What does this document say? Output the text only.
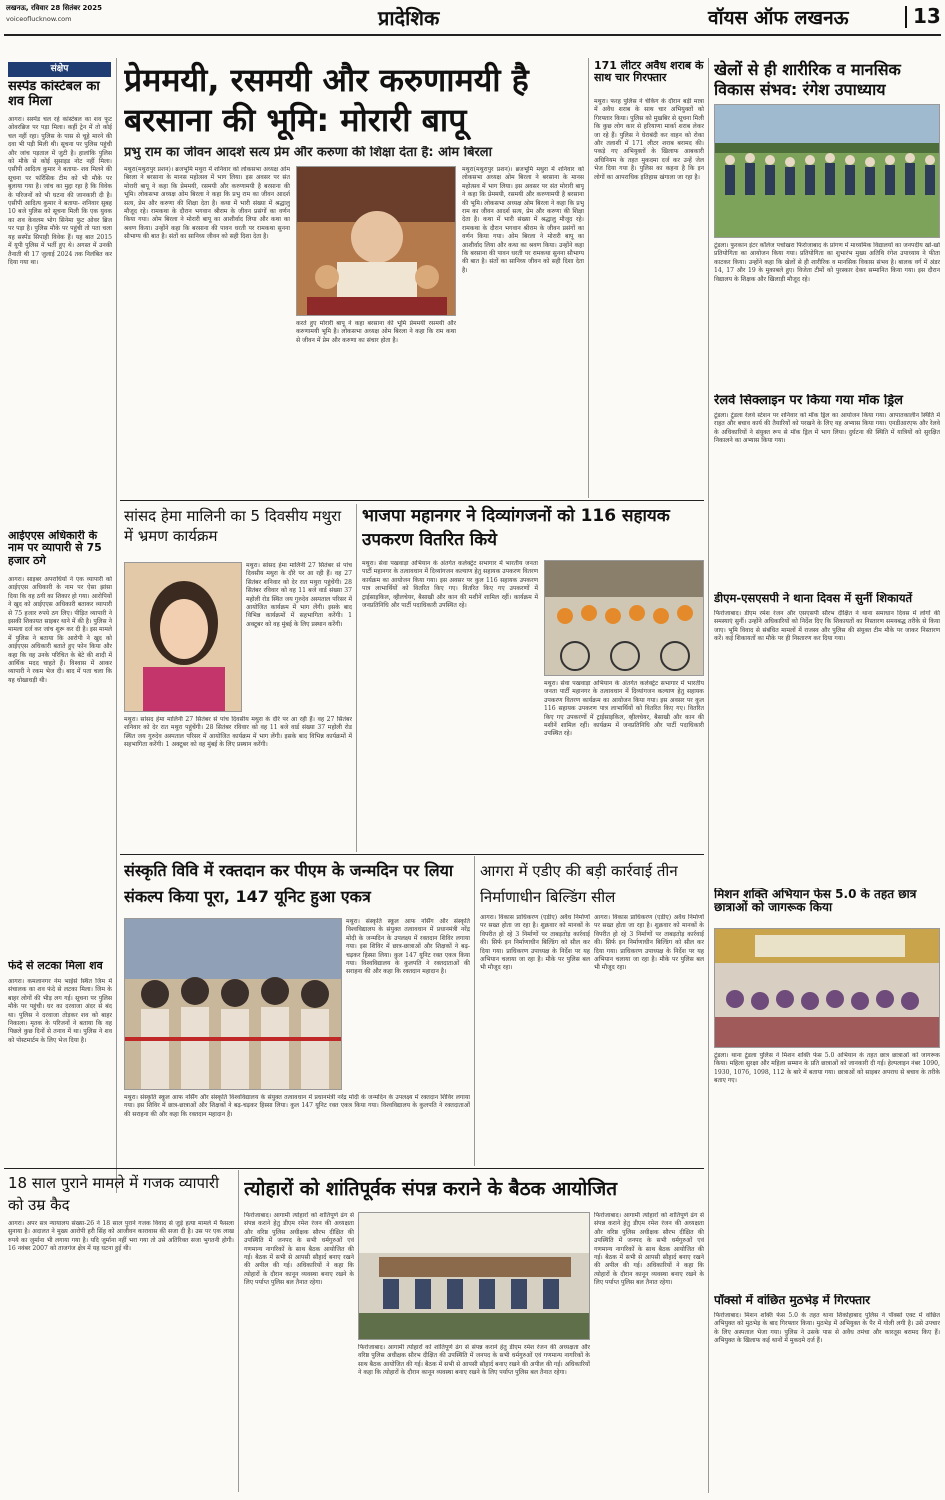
लखनऊ, रविवार 28 सितंबर 2025
voiceoflucknow.com	प्रादेशिक	वॉयस ऑफ लखनऊ	13
संक्षेप
सस्पेंड कांस्टेबल का शव मिला
आगरा। सस्पेंड चल रहे कांस्टेबल का शव फूट ओवरब्रिज पर पड़ा मिला। कहीं ट्रेन में तो कोई चल नहीं रहा। पुलिस के पास से चूहे मारने की दवा भी पड़ी मिली थी। सूचना पर पुलिस पहुंची और जांच पड़ताल में जुटी है। हालांकि पुलिस को मौके से कोई सुसाइड नोट नहीं मिला। एसीपी आदित्य कुमार ने बताया- शव मिलने की सूचना पर फॉरेंसिक टीम को भी मौके पर बुलाया गया है। जांच का मुद्दा रहा है कि विवेक के परिजनों को भी घटना की जानकारी दी है। एसीपी आदित्य कुमार ने बताया- शनिवार सुबह 10 बजे पुलिस को सूचना मिली कि एक युवक का शव केवलम भोग सिनेमा फुट ओवर ब्रिज पर पड़ा है। पुलिस मौके पर पहुंची तो पता चला यह सस्पेंड सिपाही विवेक हैं। यह बात 2015 में यूपी पुलिस में भर्ती हुए थे। अगस्त में उनकी तैनाती थी 17 जुलाई 2024 तक निलंबित कर दिया गया था।
आईएएस अधिकारी के नाम पर व्यापारी से 75 हजार ठगे
आगरा। साइबर अपराधियों ने एक व्यापारी को आईएएस अधिकारी के नाम पर ऐसा झांसा दिया कि वह ठगी का शिकार हो गया। आरोपियों ने खुद को आईएएस अधिकारी बताकर व्यापारी से 75 हजार रुपये ठग लिए। पीड़ित व्यापारी ने इसकी शिकायत साइबर थाने में की है। पुलिस ने मामला दर्ज कर जांच शुरू कर दी है। इस मामले में पुलिस ने बताया कि आरोपी ने खुद को आईएएस अधिकारी बताते हुए फोन किया और कहा कि वह उनके परिचित के बेटे की शादी में आर्थिक मदद चाहते हैं। विश्वास में आकर व्यापारी ने रकम भेज दी। बाद में पता चला कि यह धोखाधड़ी थी।
फंदे से लटका मिला शव
आगरा। कमलानगर नेम भाईसे स्थित जिम में संचालक का शव फंदे से लटका मिला। जिम के बाहर लोगों की भीड़ लग गई। सूचना पर पुलिस मौके पर पहुंची। घर का दरवाजा अंदर से बंद था। पुलिस ने दरवाजा तोड़कर शव को बाहर निकाला। मृतक के परिजनों ने बताया कि वह पिछले कुछ दिनों से तनाव में था। पुलिस ने शव को पोस्टमार्टम के लिए भेज दिया है।
प्रेममयी, रसमयी और करुणामयी है बरसाना की भूमि: मोरारी बापू
प्रभु राम का जीवन आदर्श सत्य प्रेम और करुणा की शिक्षा देता है: ओम बिरला
मथुरा(मथुरापुर प्रशन)। ब्रजभूमि मथुरा में शनिवार को लोकसभा अध्यक्ष ओम बिरला ने बरसाना के मानस महोत्सव में भाग लिया। इस अवसर पर संत मोरारी बापू ने कहा कि प्रेममयी, रसमयी और करुणामयी है बरसाना की भूमि। लोकसभा अध्यक्ष ओम बिरला ने कहा कि प्रभु राम का जीवन आदर्श सत्य, प्रेम और करुणा की शिक्षा देता है। कथा में भारी संख्या में श्रद्धालु मौजूद रहे। रामकथा के दौरान भगवान श्रीराम के जीवन प्रसंगों का वर्णन किया गया। ओम बिरला ने मोरारी बापू का आशीर्वाद लिया और कथा का श्रवण किया। उन्होंने कहा कि बरसाना की पावन धरती पर रामकथा सुनना सौभाग्य की बात है। संतों का सानिध्य जीवन को सही दिशा देता है।
करते हुए मोरारी बापू ने कहा बरसाना की भूमि प्रेममयी रसमयी और करुणामयी भूमि है। लोकसभा अध्यक्ष ओम बिरला ने कहा कि राम कथा से जीवन में प्रेम और करुणा का संचार होता है।
मथुरा(मथुरापुर प्रशन)। ब्रजभूमि मथुरा में शनिवार को लोकसभा अध्यक्ष ओम बिरला ने बरसाना के मानस महोत्सव में भाग लिया। इस अवसर पर संत मोरारी बापू ने कहा कि प्रेममयी, रसमयी और करुणामयी है बरसाना की भूमि। लोकसभा अध्यक्ष ओम बिरला ने कहा कि प्रभु राम का जीवन आदर्श सत्य, प्रेम और करुणा की शिक्षा देता है। कथा में भारी संख्या में श्रद्धालु मौजूद रहे। रामकथा के दौरान भगवान श्रीराम के जीवन प्रसंगों का वर्णन किया गया। ओम बिरला ने मोरारी बापू का आशीर्वाद लिया और कथा का श्रवण किया। उन्होंने कहा कि बरसाना की पावन धरती पर रामकथा सुनना सौभाग्य की बात है। संतों का सानिध्य जीवन को सही दिशा देता है।
171 लीटर अवैध शराब के साथ चार गिरफ्तार
मथुरा। फरह पुलिस ने चेकिंग के दौरान बड़ी मात्रा में अवैध शराब के साथ चार अभियुक्तों को गिरफ्तार किया। पुलिस को मुखबिर से सूचना मिली कि कुछ लोग कार से हरियाणा मार्का शराब लेकर जा रहे हैं। पुलिस ने घेराबंदी कर वाहन को रोका और तलाशी में 171 लीटर शराब बरामद की। पकड़े गए अभियुक्तों के खिलाफ आबकारी अधिनियम के तहत मुकदमा दर्ज कर उन्हें जेल भेज दिया गया है। पुलिस का कहना है कि इन लोगों का आपराधिक इतिहास खंगाला जा रहा है।
खेलों से ही शारीरिक व मानसिक विकास संभव: रंगेश उपाध्याय
टूंडला। फुरकान इंटर कॉलेज पचोखरा फिरोजाबाद के प्रांगण में माध्यमिक विद्यालयों का जनपदीय खो-खो प्रतियोगिता का आयोजन किया गया। प्रतियोगिता का शुभारंभ मुख्य अतिथि रंगेश उपाध्याय ने फीता काटकर किया। उन्होंने कहा कि खेलों से ही शारीरिक व मानसिक विकास संभव है। बालक वर्ग में अंडर 14, 17 और 19 के मुकाबले हुए। विजेता टीमों को पुरस्कार देकर सम्मानित किया गया। इस दौरान विद्यालय के शिक्षक और खिलाड़ी मौजूद रहे।
रेलवे सिक्लाइन पर किया गया मॉक ड्रिल
टूंडला। टूंडला रेलवे स्टेशन पर शनिवार को मॉक ड्रिल का आयोजन किया गया। आपातकालीन स्थिति में राहत और बचाव कार्य की तैयारियों को परखने के लिए यह अभ्यास किया गया। एनडीआरएफ और रेलवे के अधिकारियों ने संयुक्त रूप से मॉक ड्रिल में भाग लिया। दुर्घटना की स्थिति में यात्रियों को सुरक्षित निकालने का अभ्यास किया गया।
डीएम-एसएसपी ने थाना दिवस में सुनीं शिकायतें
फिरोजाबाद। डीएम रमेश रंजन और एसएसपी सौरभ दीक्षित ने थाना समाधान दिवस में लोगों की समस्याएं सुनीं। उन्होंने अधिकारियों को निर्देश दिए कि शिकायतों का निस्तारण समयबद्ध तरीके से किया जाए। भूमि विवाद से संबंधित मामलों में राजस्व और पुलिस की संयुक्त टीम मौके पर जाकर निस्तारण करें। कई शिकायतों का मौके पर ही निस्तारण कर दिया गया।
मिशन शक्ति अभियान फेस 5.0 के तहत छात्र छात्राओं को जागरूक किया
टूंडला। थाना टूंडला पुलिस ने मिशन शक्ति फेस 5.0 अभियान के तहत छात्र छात्राओं को जागरूक किया। महिला सुरक्षा और महिला सम्मान के प्रति छात्राओं को जानकारी दी गई। हेल्पलाइन नंबर 1090, 1930, 1076, 1098, 112 के बारे में बताया गया। छात्राओं को साइबर अपराध से बचाव के तरीके बताए गए।
पॉक्सो में वांछित मुठभेड़ में गिरफ्तार
फिरोजाबाद। मिशन शक्ति फेस 5.0 के तहत थाना शिकोहाबाद पुलिस ने पॉक्सो एक्ट में वांछित अभियुक्त को मुठभेड़ के बाद गिरफ्तार किया। मुठभेड़ में अभियुक्त के पैर में गोली लगी है। उसे उपचार के लिए अस्पताल भेजा गया। पुलिस ने उसके पास से अवैध तमंचा और कारतूस बरामद किए हैं। अभियुक्त के खिलाफ कई थानों में मुकदमे दर्ज हैं।
सांसद हेमा मालिनी का 5 दिवसीय मथुरा में भ्रमण कार्यक्रम
मथुरा। सांसद हेमा मालिनी 27 सितंबर से पांच दिवसीय मथुरा के दौरे पर आ रही हैं। वह 27 सितंबर शनिवार को देर रात मथुरा पहुंचेंगी। 28 सितंबर रविवार को वह 11 बजे वार्ड संख्या 37 महोली रोड स्थित जय गुरुदेव अस्पताल परिसर में आयोजित कार्यक्रम में भाग लेंगी। इसके बाद विभिन्न कार्यक्रमों में सहभागिता करेंगी। 1 अक्टूबर को वह मुंबई के लिए प्रस्थान करेंगी।
भाजपा महानगर ने दिव्यांगजनों को 116 सहायक उपकरण वितरित किये
मथुरा। सेवा पखवाड़ा अभियान के अंतर्गत कलेक्ट्रेट सभागार में भारतीय जनता पार्टी महानगर के तत्वावधान में दिव्यांगजन कल्याण हेतु सहायक उपकरण वितरण कार्यक्रम का आयोजन किया गया। इस अवसर पर कुल 116 सहायक उपकरण पात्र लाभार्थियों को वितरित किए गए। वितरित किए गए उपकरणों में ट्राईसाइकिल, व्हीलचेयर, बैसाखी और कान की मशीनें शामिल रहीं। कार्यक्रम में जनप्रतिनिधि और पार्टी पदाधिकारी उपस्थित रहे।
मथुरा। सेवा पखवाड़ा अभियान के अंतर्गत कलेक्ट्रेट सभागार में भारतीय जनता पार्टी महानगर के तत्वावधान में दिव्यांगजन कल्याण हेतु सहायक उपकरण वितरण कार्यक्रम का आयोजन किया गया। इस अवसर पर कुल 116 सहायक उपकरण पात्र लाभार्थियों को वितरित किए गए। वितरित किए गए उपकरणों में ट्राईसाइकिल, व्हीलचेयर, बैसाखी और कान की मशीनें शामिल रहीं। कार्यक्रम में जनप्रतिनिधि और पार्टी पदाधिकारी उपस्थित रहे।
मथुरा। सांसद हेमा मालिनी 27 सितंबर से पांच दिवसीय मथुरा के दौरे पर आ रही हैं। वह 27 सितंबर शनिवार को देर रात मथुरा पहुंचेंगी। 28 सितंबर रविवार को वह 11 बजे वार्ड संख्या 37 महोली रोड स्थित जय गुरुदेव अस्पताल परिसर में आयोजित कार्यक्रम में भाग लेंगी। इसके बाद विभिन्न कार्यक्रमों में सहभागिता करेंगी। 1 अक्टूबर को वह मुंबई के लिए प्रस्थान करेंगी।
संस्कृति विवि में रक्तदान कर पीएम के जन्मदिन पर लिया संकल्प किया पूरा, 147 यूनिट हुआ एकत्र
मथुरा। संस्कृति स्कूल आफ नर्सिंग और संस्कृति विश्वविद्यालय के संयुक्त तत्वावधान में प्रधानमंत्री नरेंद्र मोदी के जन्मदिन के उपलक्ष्य में रक्तदान शिविर लगाया गया। इस शिविर में छात्र-छात्राओं और शिक्षकों ने बढ़-चढ़कर हिस्सा लिया। कुल 147 यूनिट रक्त एकत्र किया गया। विश्वविद्यालय के कुलपति ने रक्तदाताओं की सराहना की और कहा कि रक्तदान महादान है।
मथुरा। संस्कृति स्कूल आफ नर्सिंग और संस्कृति विश्वविद्यालय के संयुक्त तत्वावधान में प्रधानमंत्री नरेंद्र मोदी के जन्मदिन के उपलक्ष्य में रक्तदान शिविर लगाया गया। इस शिविर में छात्र-छात्राओं और शिक्षकों ने बढ़-चढ़कर हिस्सा लिया। कुल 147 यूनिट रक्त एकत्र किया गया। विश्वविद्यालय के कुलपति ने रक्तदाताओं की सराहना की और कहा कि रक्तदान महादान है।
आगरा में एडीए की बड़ी कार्रवाई तीन निर्माणाधीन बिल्डिंग सील
आगरा। विकास प्राधिकरण (एडीए) अवैध निर्माणों पर सख्त होता जा रहा है। शुक्रवार को मानकों के विपरीत हो रहे 3 निर्माणों पर ताबड़तोड़ कार्रवाई की। सिर्फ इन निर्माणाधीन बिल्डिंग को सील कर दिया गया। प्राधिकरण उपाध्यक्ष के निर्देश पर यह अभियान चलाया जा रहा है। मौके पर पुलिस बल भी मौजूद रहा।
आगरा। विकास प्राधिकरण (एडीए) अवैध निर्माणों पर सख्त होता जा रहा है। शुक्रवार को मानकों के विपरीत हो रहे 3 निर्माणों पर ताबड़तोड़ कार्रवाई की। सिर्फ इन निर्माणाधीन बिल्डिंग को सील कर दिया गया। प्राधिकरण उपाध्यक्ष के निर्देश पर यह अभियान चलाया जा रहा है। मौके पर पुलिस बल भी मौजूद रहा।
18 साल पुराने मामले में गजक व्यापारी को उम्र कैद
आगरा। अपर सत्र न्यायालय संख्या-26 ने 18 साल पुराने गजक विवाद से जुड़े हत्या मामले में फैसला सुनाया है। अदालत ने मुख्य आरोपी हरी सिंह को आजीवन कारावास की सजा दी है। उस पर एक लाख रुपये का जुर्माना भी लगाया गया है। यदि जुर्माना नहीं भरा गया तो उसे अतिरिक्त सजा भुगतनी होगी। 16 नवंबर 2007 को ताजगंज क्षेत्र में यह घटना हुई थी।
त्योहारों को शांतिपूर्वक संपन्न कराने के बैठक आयोजित
फिरोजाबाद। आगामी त्योहारों को शांतिपूर्ण ढंग से संपन्न कराने हेतु डीएम रमेश रंजन की अध्यक्षता और वरिष्ठ पुलिस अधीक्षक सौरभ दीक्षित की उपस्थिति में जनपद के सभी धर्मगुरुओं एवं गणमान्य नागरिकों के साथ बैठक आयोजित की गई। बैठक में सभी से आपसी सौहार्द बनाए रखने की अपील की गई। अधिकारियों ने कहा कि त्योहारों के दौरान कानून व्यवस्था बनाए रखने के लिए पर्याप्त पुलिस बल तैनात रहेगा।
फिरोजाबाद। आगामी त्योहारों को शांतिपूर्ण ढंग से संपन्न कराने हेतु डीएम रमेश रंजन की अध्यक्षता और वरिष्ठ पुलिस अधीक्षक सौरभ दीक्षित की उपस्थिति में जनपद के सभी धर्मगुरुओं एवं गणमान्य नागरिकों के साथ बैठक आयोजित की गई। बैठक में सभी से आपसी सौहार्द बनाए रखने की अपील की गई। अधिकारियों ने कहा कि त्योहारों के दौरान कानून व्यवस्था बनाए रखने के लिए पर्याप्त पुलिस बल तैनात रहेगा।
फिरोजाबाद। आगामी त्योहारों को शांतिपूर्ण ढंग से संपन्न कराने हेतु डीएम रमेश रंजन की अध्यक्षता और वरिष्ठ पुलिस अधीक्षक सौरभ दीक्षित की उपस्थिति में जनपद के सभी धर्मगुरुओं एवं गणमान्य नागरिकों के साथ बैठक आयोजित की गई। बैठक में सभी से आपसी सौहार्द बनाए रखने की अपील की गई। अधिकारियों ने कहा कि त्योहारों के दौरान कानून व्यवस्था बनाए रखने के लिए पर्याप्त पुलिस बल तैनात रहेगा।
